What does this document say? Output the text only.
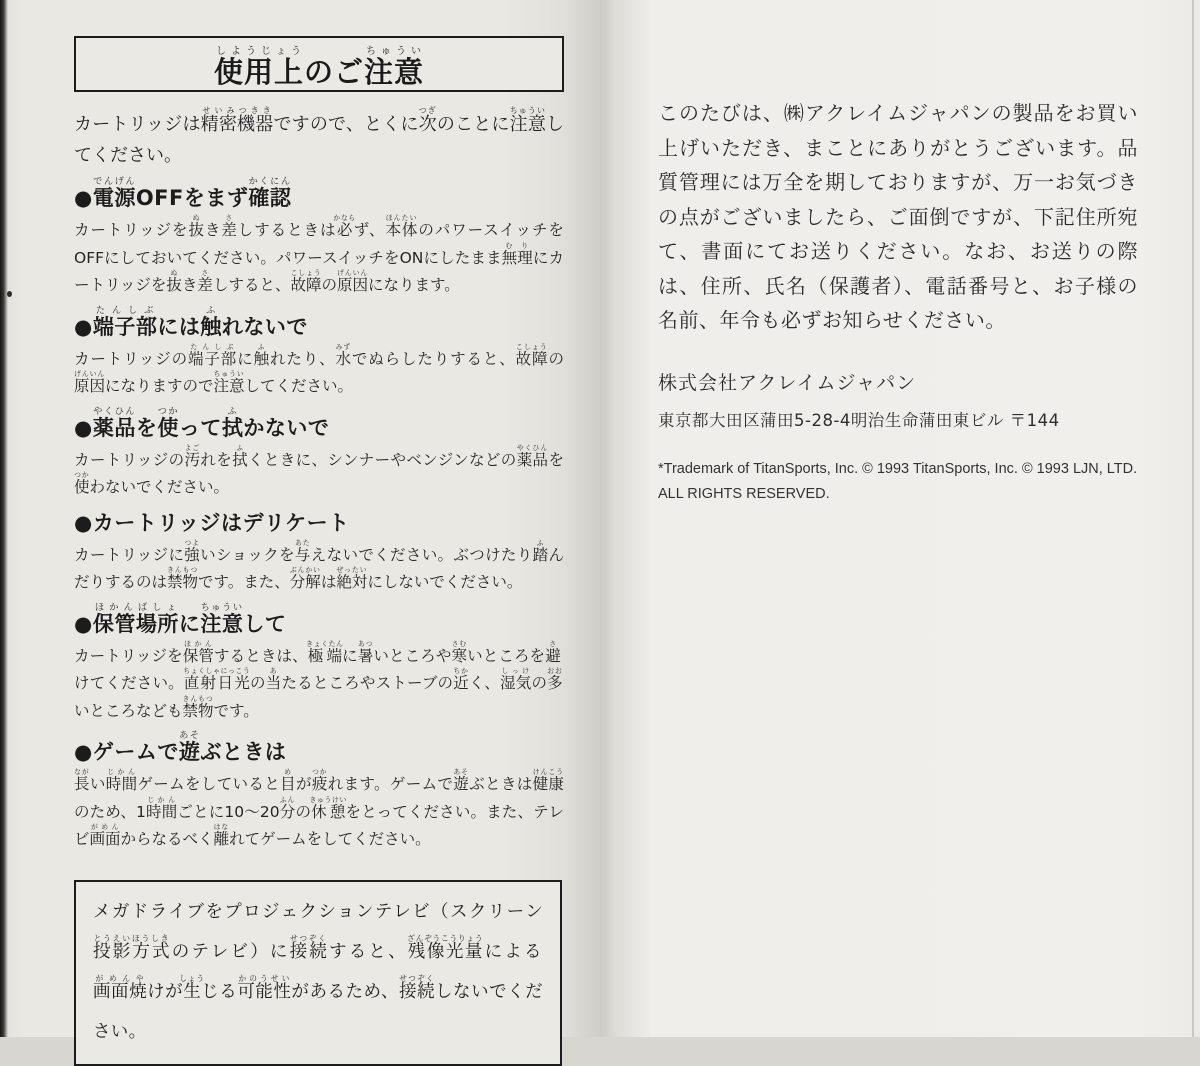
使用上しようじょうのご注意ちゅうい
カートリッジは精密機器せいみつききですので、とくに次つぎのことに注意ちゅういしてください。
●電源でんげんOFFをまず確認かくにん
カートリッジを抜ぬき差さしするときは必かならず、本体ほんたいのパワースイッチをOFFにしておいてください。パワースイッチをONにしたまま無理むりにカートリッジを抜ぬき差さしすると、故障こしょうの原因げんいんになります。
●端子部たんしぶには触ふれないで
カートリッジの端子部たんしぶに触ふれたり、水みずでぬらしたりすると、故障こしょうの原因げんいんになりますので注意ちゅういしてください。
●薬品やくひんを使つかって拭ふかないで
カートリッジの汚よごれを拭ふくときに、シンナーやベンジンなどの薬品やくひんを使つかわないでください。
●カートリッジはデリケート
カートリッジに強つよいショックを与あたえないでください。ぶつけたり踏ふんだりするのは禁物きんもつです。また、分解ぶんかいは絶対ぜったいにしないでください。
●保管場所ほかんばしょに注意ちゅういして
カートリッジを保管ほかんするときは、極端きょくたんに暑あついところや寒さむいところを避さけてください。直射日光ちょくしゃにっこうの当あたるところやストーブの近ちかく、湿気しっけの多おおいところなども禁物きんもつです。
●ゲームで遊あそぶときは
長ながい時間じかんゲームをしていると目めが疲つかれます。ゲームで遊あそぶときは健康けんこうのため、1時間じかんごとに10〜20分ふんの休憩きゅうけいをとってください。また、テレビ画面がめんからなるべく離はなれてゲームをしてください。
メガドライブをプロジェクションテレビ（スクリーン投影方式とうえいほうしきのテレビ）に接続せつぞくすると、残像光量ざんぞうこうりょうによる画面焼がめんやけが生しょうじる可能性かのうせいがあるため、接続せつぞくしないでください。
このたびは、㈱アクレイムジャパンの製品をお買い上げいただき、まことにありがとうございます。品質管理には万全を期しておりますが、万一お気づきの点がございましたら、ご面倒ですが、下記住所宛て、書面にてお送りください。なお、お送りの際は、住所、氏名（保護者）、電話番号と、お子様の名前、年令も必ずお知らせください。
株式会社アクレイムジャパン
東京都大田区蒲田5-28-4明治生命蒲田東ビル 〒144
*Trademark of TitanSports, Inc. © 1993 TitanSports, Inc. © 1993 LJN, LTD. ALL RIGHTS RESERVED.
